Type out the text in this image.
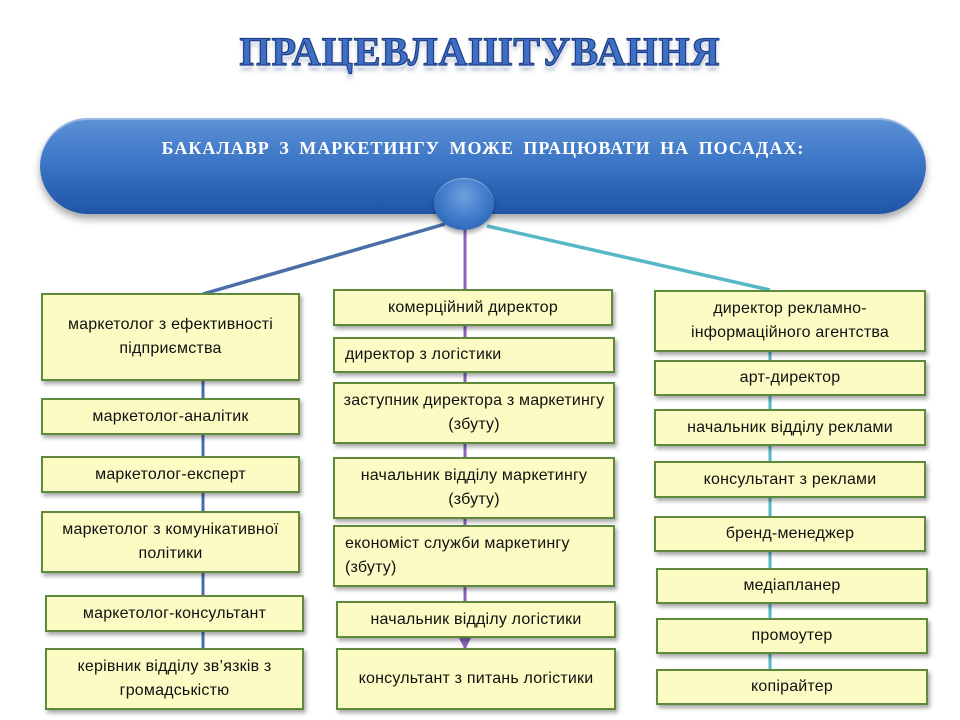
ПРАЦЕВЛАШТУВАННЯ
БАКАЛАВР З МАРКЕТИНГУ МОЖЕ ПРАЦЮВАТИ НА ПОСАДАХ:
маркетолог з ефективності підприємства
маркетолог-аналітик
маркетолог-експерт
маркетолог з комунікативної політики
маркетолог-консультант
керівник відділу зв’язків з громадськістю
комерційний директор
директор з логістики
заступник директора з маркетингу (збуту)
начальник відділу маркетингу (збуту)
економіст служби маркетингу (збуту)
начальник відділу логістики
консультант з питань логістики
директор рекламно-інформаційного агентства
арт-директор
начальник відділу реклами
консультант з реклами
бренд-менеджер
медіапланер
промоутер
копірайтер
